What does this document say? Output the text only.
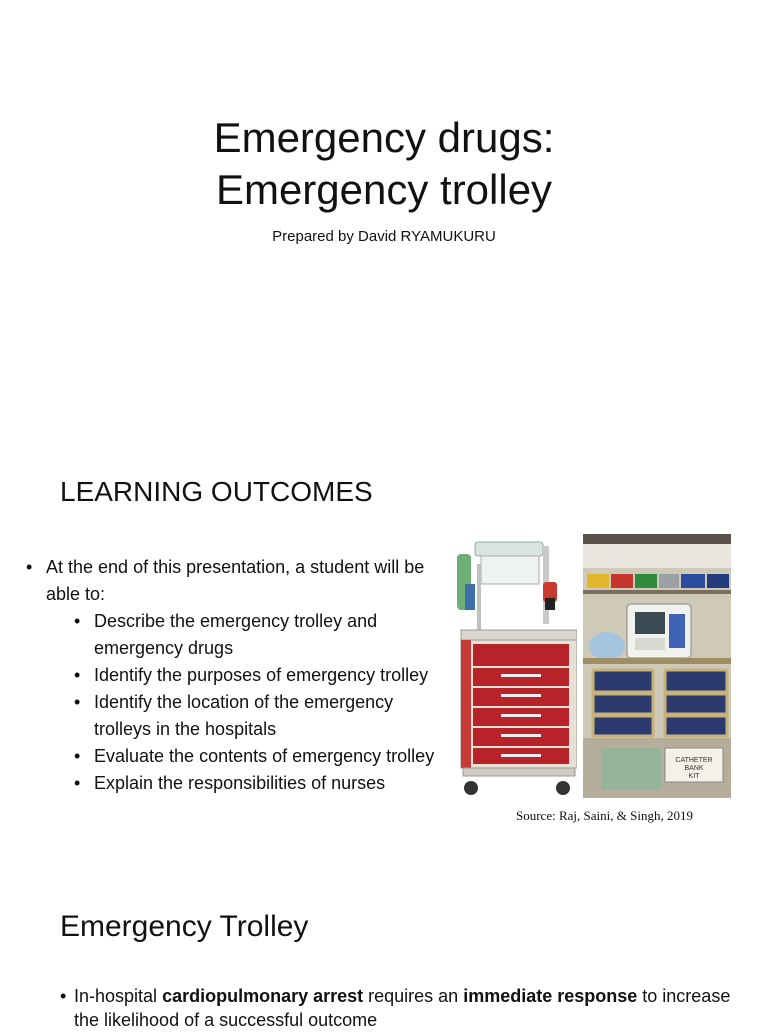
Emergency drugs:
Emergency trolley

Prepared by David RYAMUKURU

LEARNING OUTCOMES
• At the end of this presentation, a student will be able to:
• Describe the emergency trolley and emergency drugs
• Identify the purposes of emergency trolley
• Identify the location of the emergency trolleys in the hospitals
• Evaluate the contents of emergency trolley
• Explain the responsibilities of nurses
CATHETER
BANK
KIT
Source: Raj, Saini, & Singh, 2019
Emergency Trolley
• In-hospital cardiopulmonary arrest requires an immediate response to increase the likelihood of a successful outcome
